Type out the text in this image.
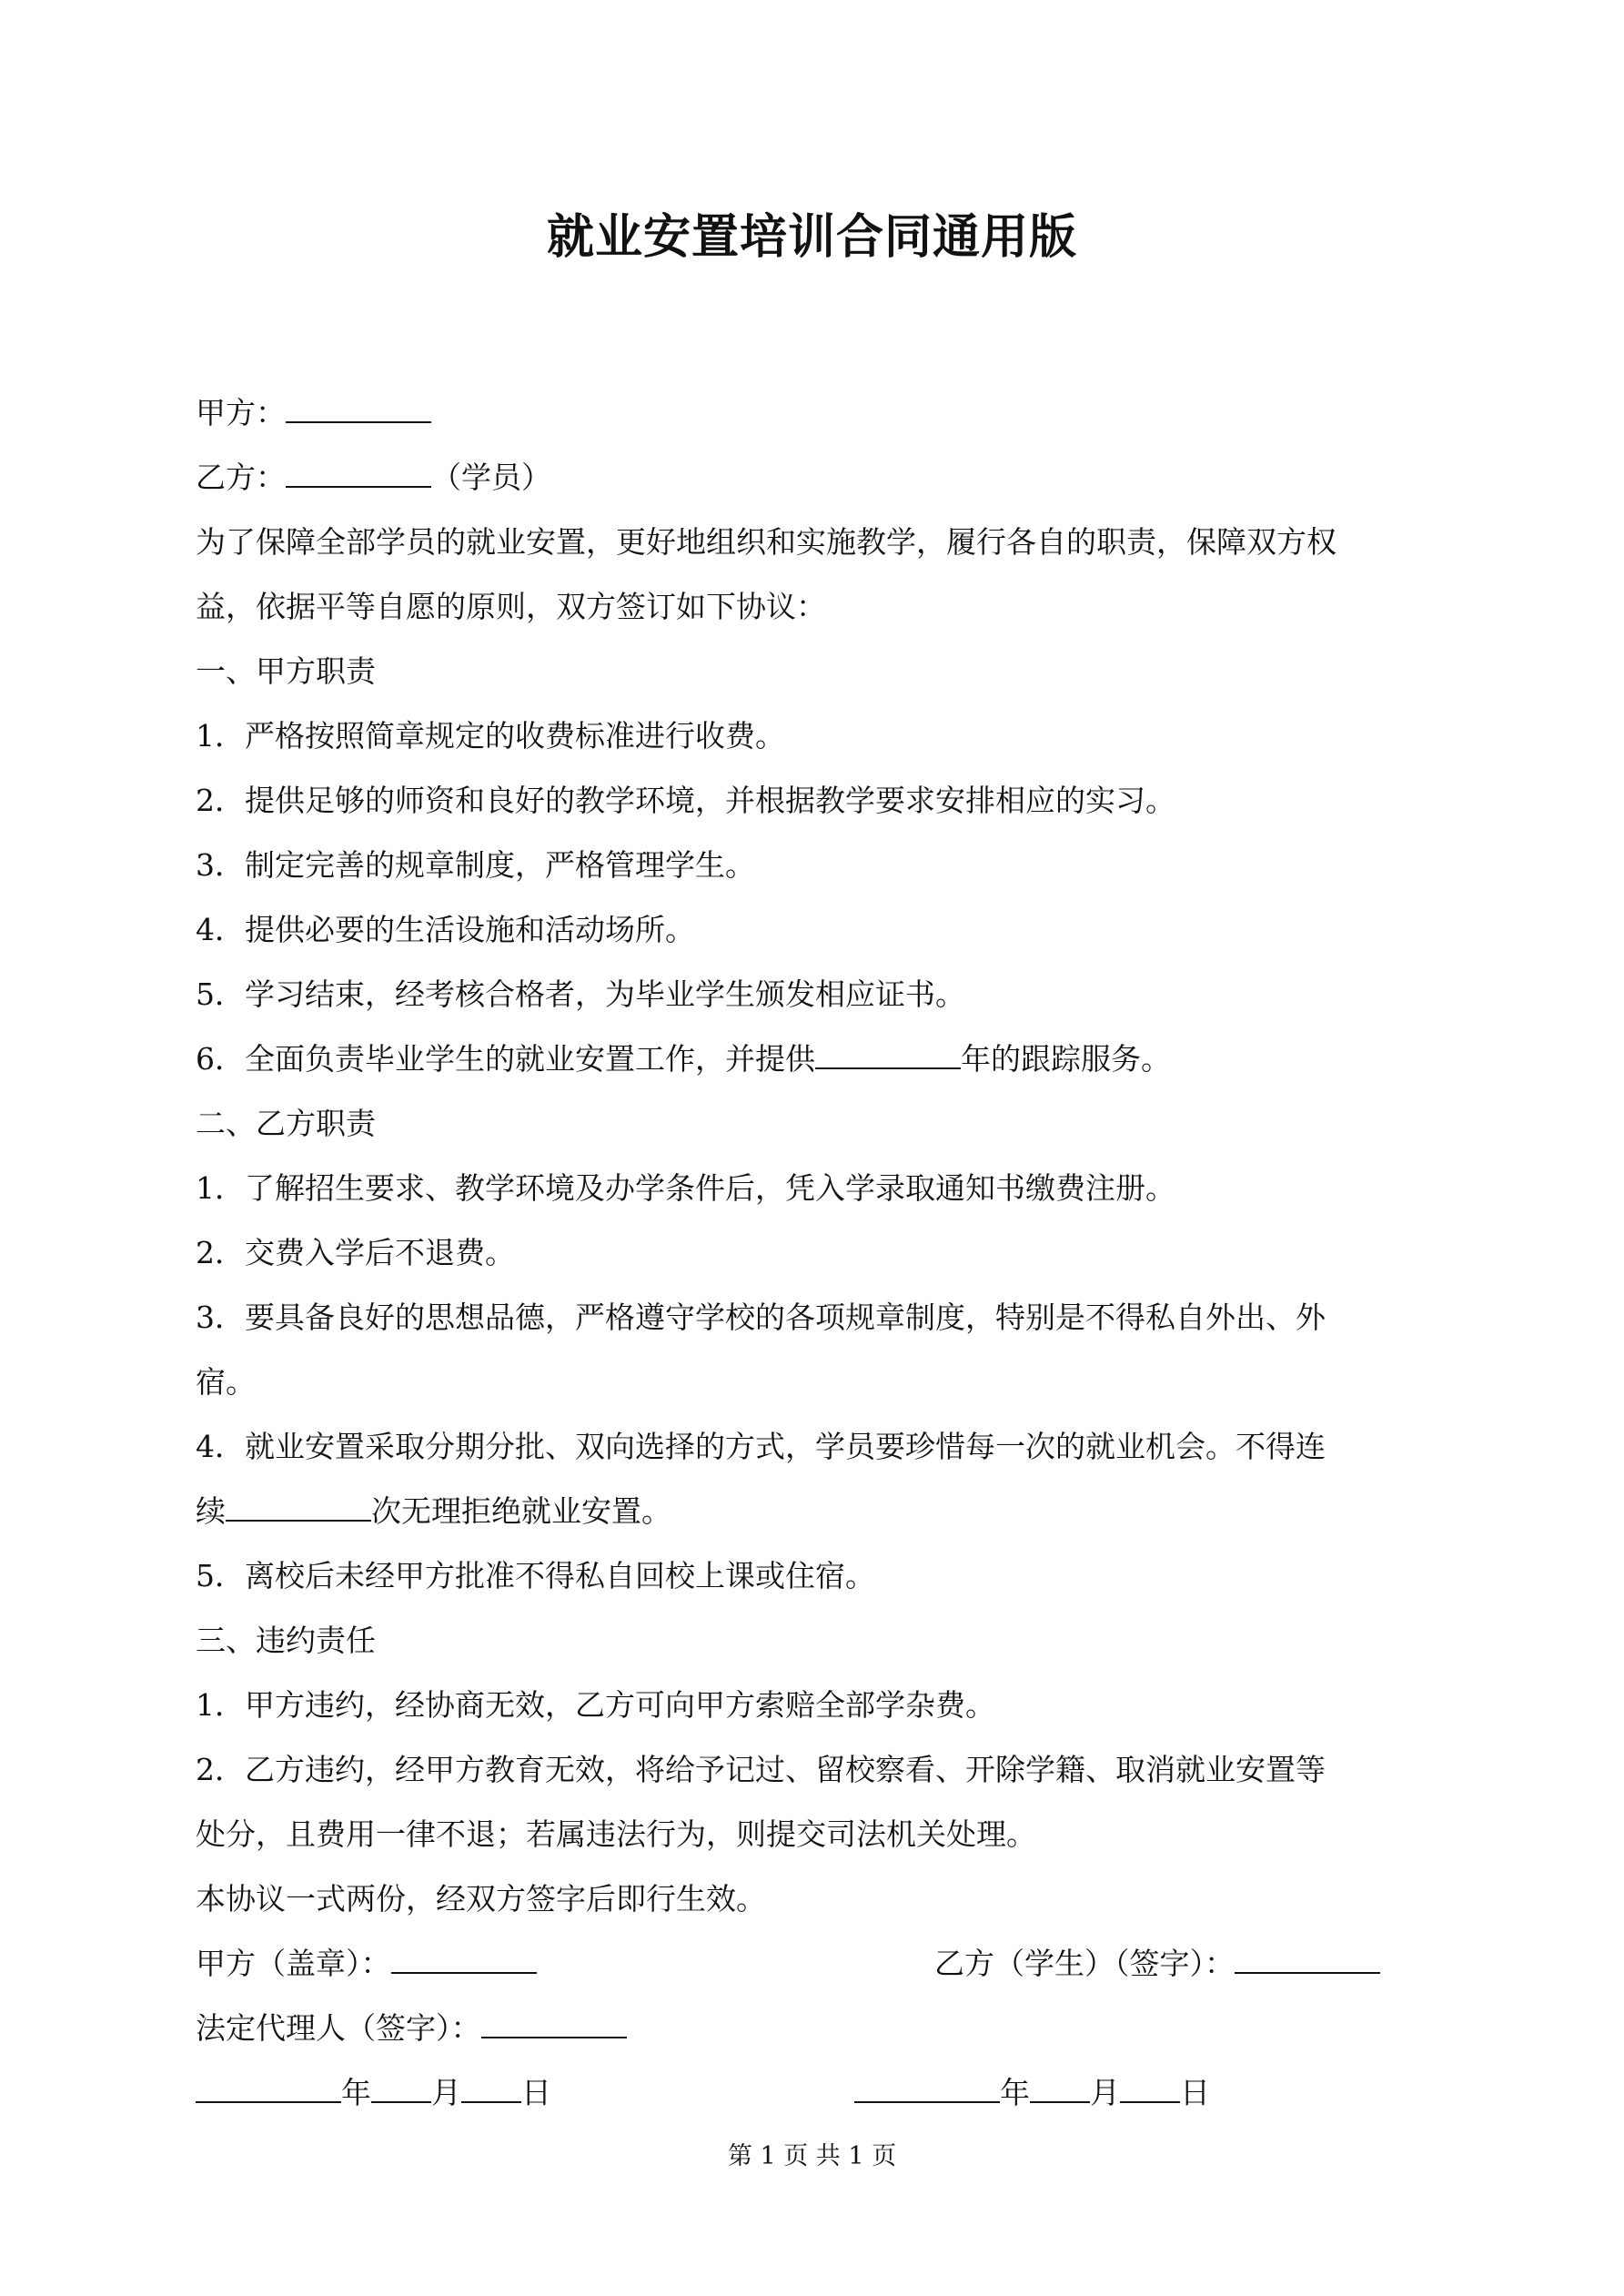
就业安置培训合同通用版
甲方：
乙方：	（学员）
为了保障全部学员的就业安置，更好地组织和实施教学，履行各自的职责，保障双方权
益，依据平等自愿的原则，双方签订如下协议：
一、甲方职责
1．严格按照简章规定的收费标准进行收费。
2．提供足够的师资和良好的教学环境，并根据教学要求安排相应的实习。
3．制定完善的规章制度，严格管理学生。
4．提供必要的生活设施和活动场所。
5．学习结束，经考核合格者，为毕业学生颁发相应证书。
6．全面负责毕业学生的就业安置工作，并提供	年的跟踪服务。
二、乙方职责
1．了解招生要求、教学环境及办学条件后，凭入学录取通知书缴费注册。
2．交费入学后不退费。
3．要具备良好的思想品德，严格遵守学校的各项规章制度，特别是不得私自外出、外
宿。
4．就业安置采取分期分批、双向选择的方式，学员要珍惜每一次的就业机会。不得连
续	次无理拒绝就业安置。
5．离校后未经甲方批准不得私自回校上课或住宿。
三、违约责任
1．甲方违约，经协商无效，乙方可向甲方索赔全部学杂费。
2．乙方违约，经甲方教育无效，将给予记过、留校察看、开除学籍、取消就业安置等
处分，且费用一律不退；若属违法行为，则提交司法机关处理。
本协议一式两份，经双方签字后即行生效。
甲方（盖章）：	乙方（学生）（签字）：
法定代理人（签字）：
年 月 日	年 月 日
第 1 页 共 1 页
